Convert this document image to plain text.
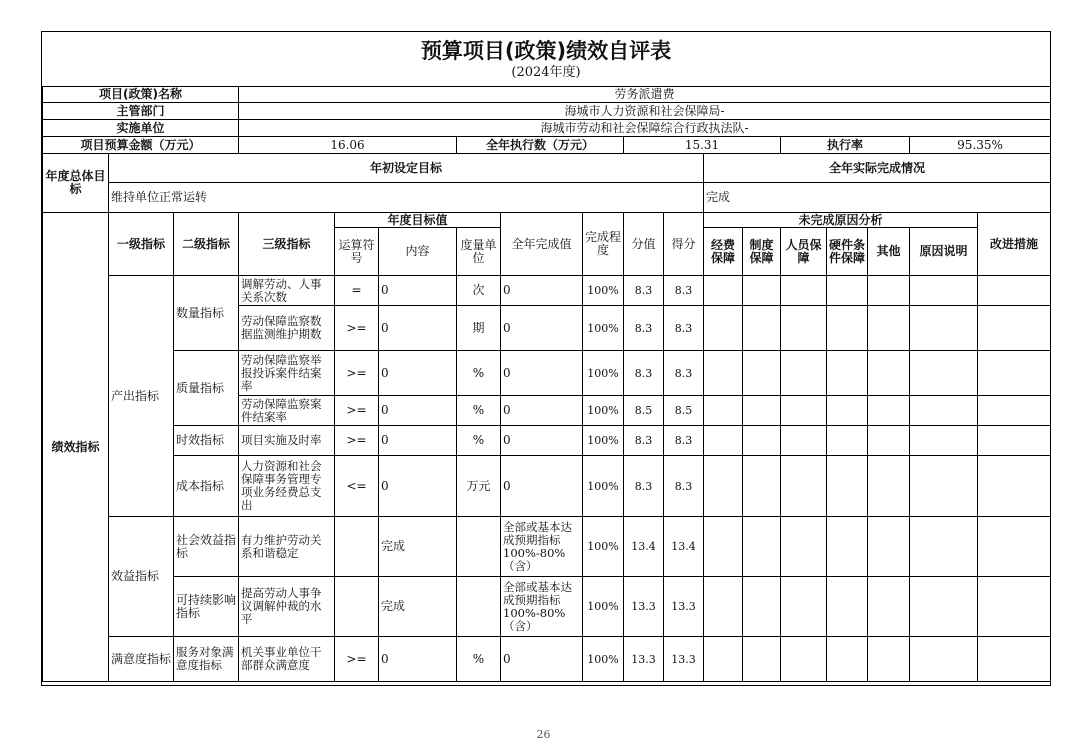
预算项目(政策)绩效自评表
(2024年度)
项目(政策)名称			劳务派遣费														
主管部门			海城市人力资源和社会保障局-														
实施单位			海城市劳动和社会保障综合行政执法队-														
项目预算金额（万元）			16.06			全年执行数（万元）			15.31				执行率			95.35%	
年度总体目标	年初设定目标										全年实际完成情况						
	维持单位正常运转										完成						
绩效指标	一级指标	二级指标	三级指标	年度目标值			全年完成值	完成程度	分值	得分	未完成原因分析						改进措施
				运算符号	内容	度量单位					经费保障	制度保障	人员保障	硬件条件保障	其他	原因说明	
	产出指标	数量指标	调解劳动、人事关系次数	=	0	次	0	100%	8.3	8.3							
			劳动保障监察数据监测维护期数	>=	0	期	0	100%	8.3	8.3							
		质量指标	劳动保障监察举报投诉案件结案率	>=	0	%	0	100%	8.3	8.3							
			劳动保障监察案件结案率	>=	0	%	0	100%	8.5	8.5							
		时效指标	项目实施及时率	>=	0	%	0	100%	8.3	8.3							
		成本指标	人力资源和社会保障事务管理专项业务经费总支出	<=	0	万元	0	100%	8.3	8.3							
	效益指标	社会效益指标	有力维护劳动关系和谐稳定		完成		全部或基本达成预期指标100%-80%（含）	100%	13.4	13.4							
		可持续影响指标	提高劳动人事争议调解仲裁的水平		完成		全部或基本达成预期指标100%-80%（含）	100%	13.3	13.3							
	满意度指标	服务对象满意度指标	机关事业单位干部群众满意度	>=	0	%	0	100%	13.3	13.3							
26
